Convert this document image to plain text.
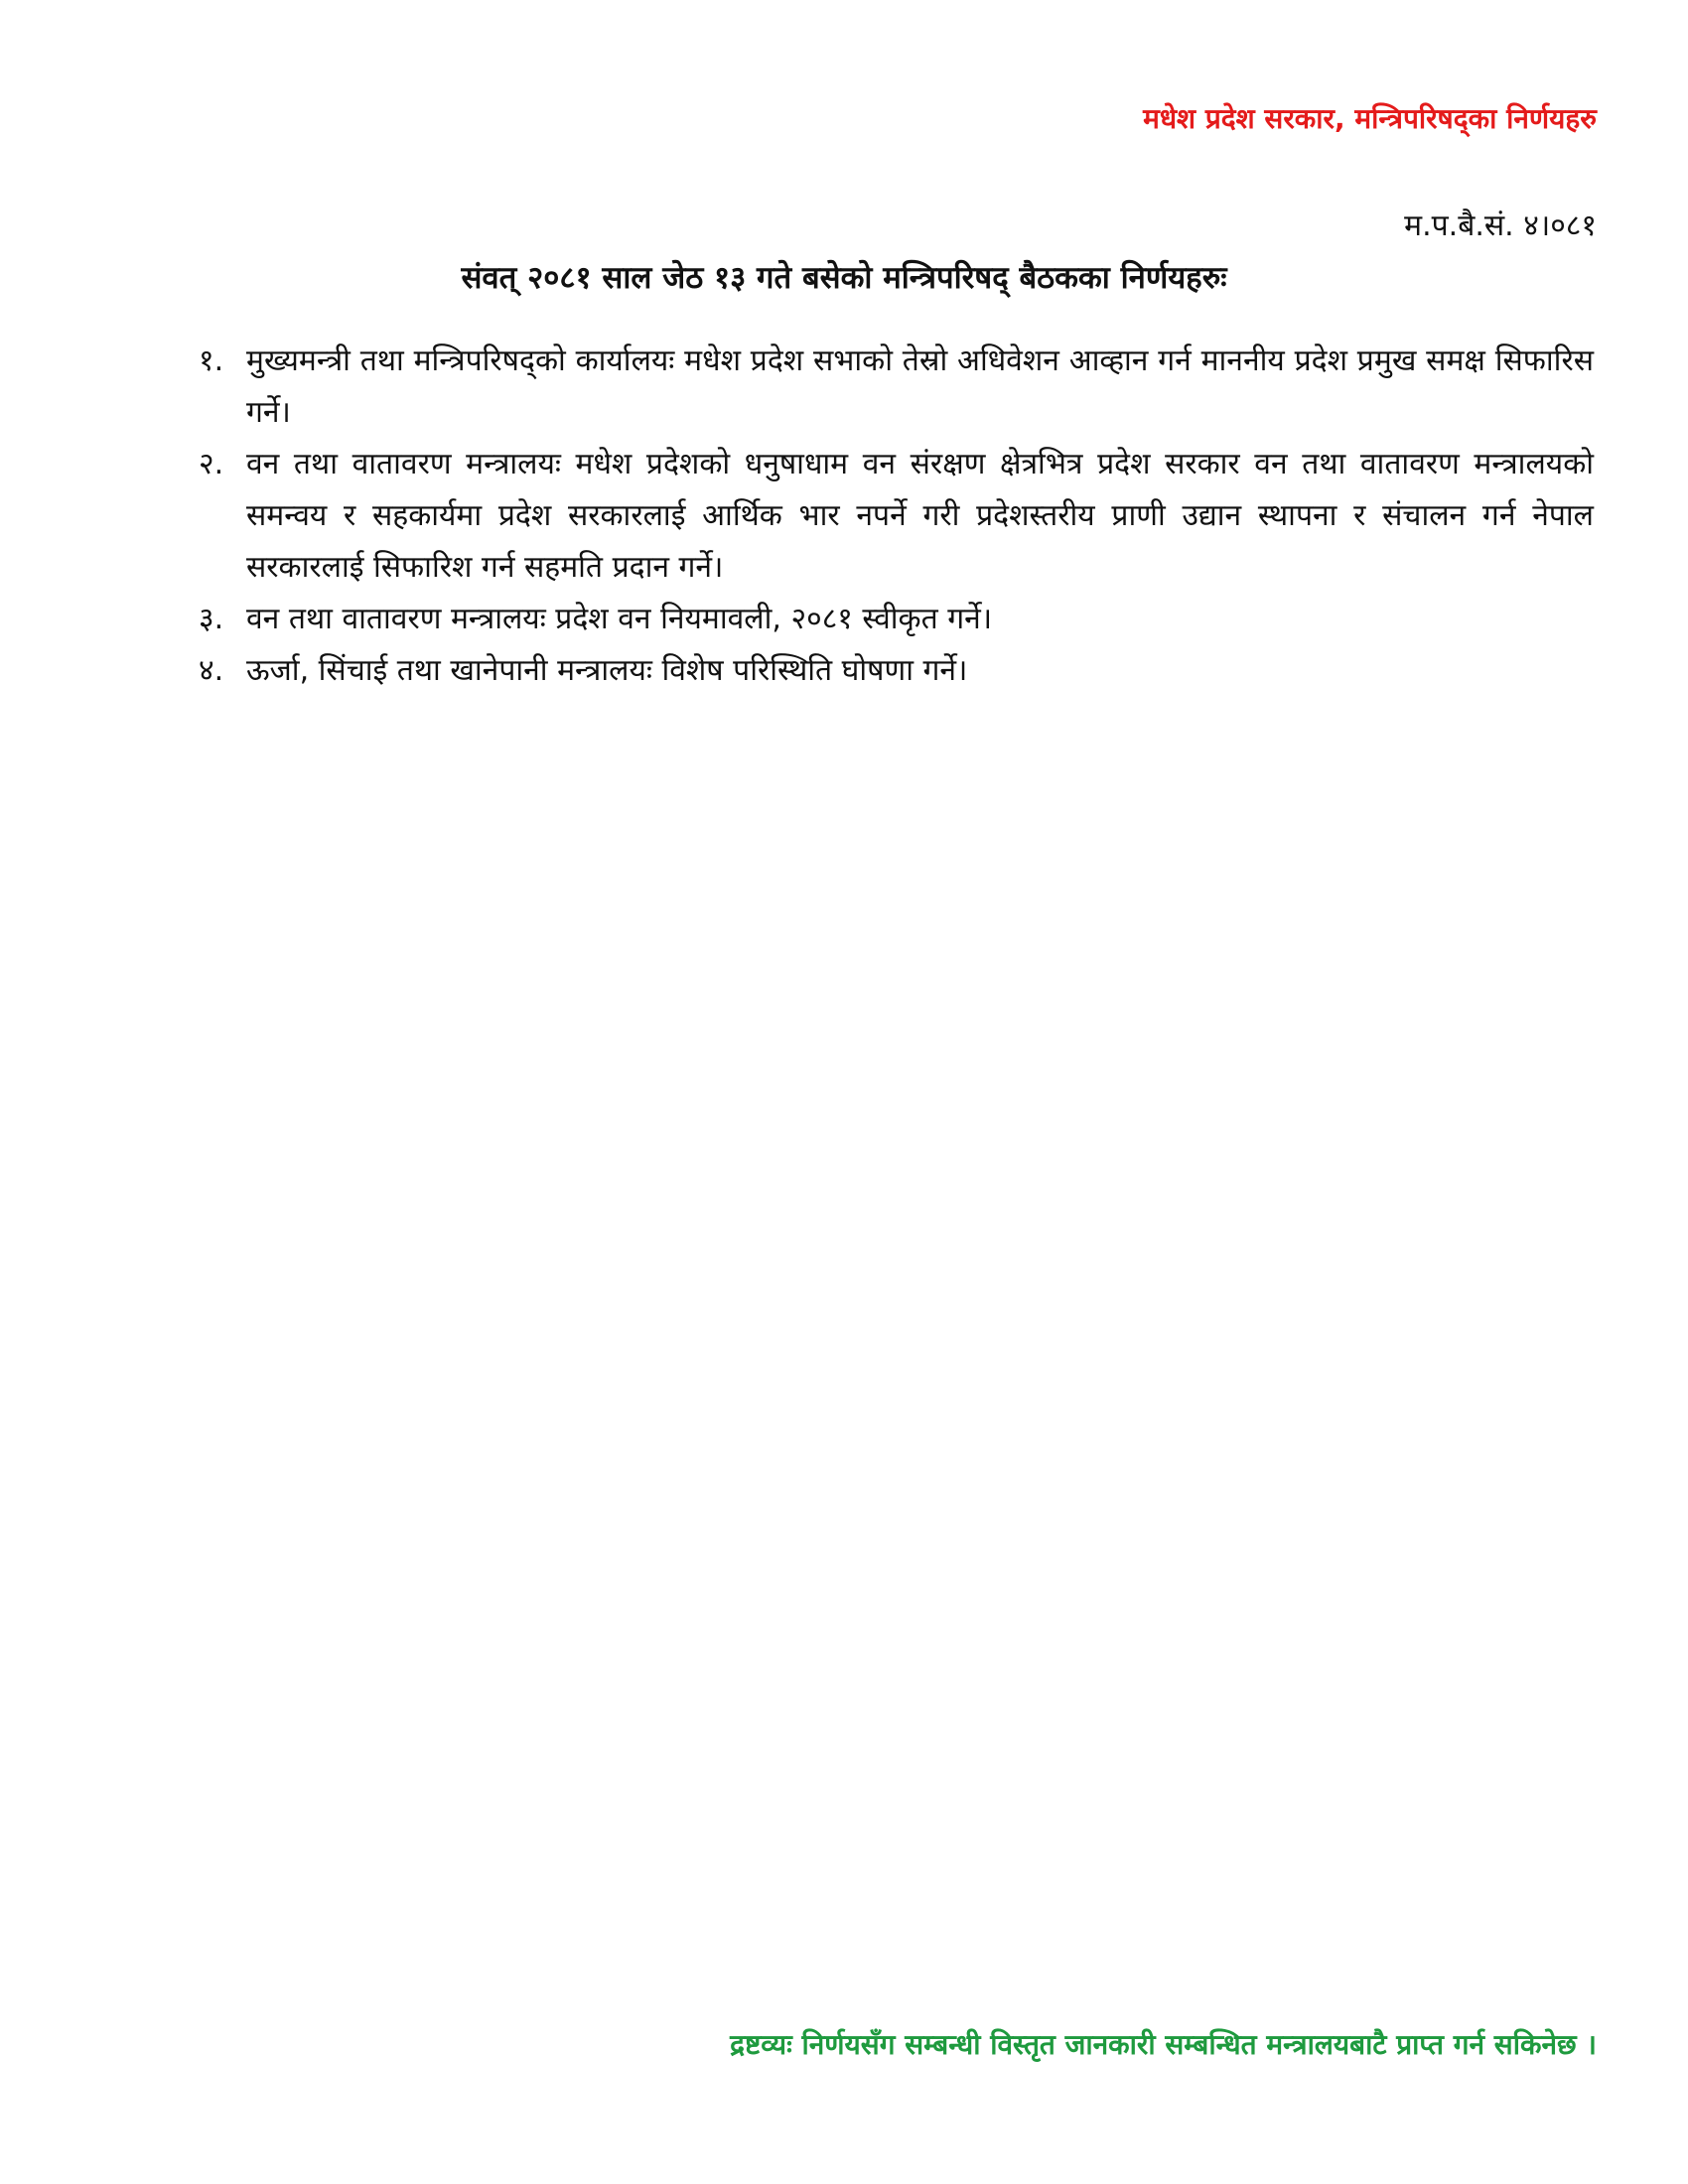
मधेश प्रदेश सरकार, मन्त्रिपरिषद्का निर्णयहरु
म.प.बै.सं. ४।०८१
संवत् २०८१ साल जेठ १३ गते बसेको मन्त्रिपरिषद् बैठकका निर्णयहरुः
१. मुख्यमन्त्री तथा मन्त्रिपरिषद्को कार्यालयः मधेश प्रदेश सभाको तेस्रो अधिवेशन आव्हान गर्न माननीय प्रदेश प्रमुख समक्ष सिफारिस गर्ने।
२. वन तथा वातावरण मन्त्रालयः मधेश प्रदेशको धनुषाधाम वन संरक्षण क्षेत्रभित्र प्रदेश सरकार वन तथा वातावरण मन्त्रालयको समन्वय र सहकार्यमा प्रदेश सरकारलाई आर्थिक भार नपर्ने गरी प्रदेशस्तरीय प्राणी उद्यान स्थापना र संचालन गर्न नेपाल सरकारलाई सिफारिश गर्न सहमति प्रदान गर्ने।
३. वन तथा वातावरण मन्त्रालयः प्रदेश वन नियमावली, २०८१ स्वीकृत गर्ने।
४. ऊर्जा, सिंचाई तथा खानेपानी मन्त्रालयः विशेष परिस्थिति घोषणा गर्ने।
द्रष्टव्यः निर्णयसँग सम्बन्धी विस्तृत जानकारी सम्बन्धित मन्त्रालयबाटै प्राप्त गर्न सकिनेछ ।
